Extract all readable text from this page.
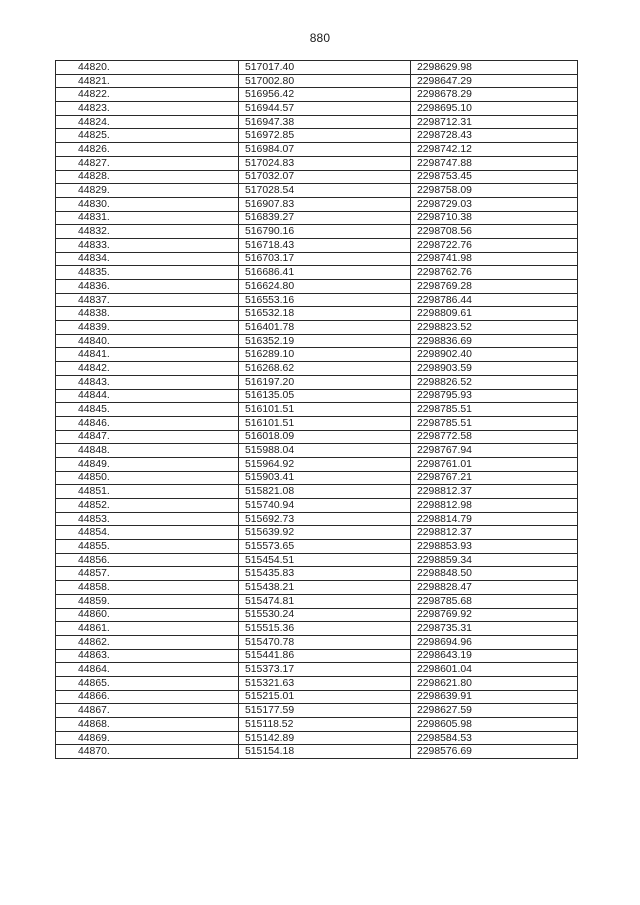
880
44820.	517017.40	2298629.98
44821.	517002.80	2298647.29
44822.	516956.42	2298678.29
44823.	516944.57	2298695.10
44824.	516947.38	2298712.31
44825.	516972.85	2298728.43
44826.	516984.07	2298742.12
44827.	517024.83	2298747.88
44828.	517032.07	2298753.45
44829.	517028.54	2298758.09
44830.	516907.83	2298729.03
44831.	516839.27	2298710.38
44832.	516790.16	2298708.56
44833.	516718.43	2298722.76
44834.	516703.17	2298741.98
44835.	516686.41	2298762.76
44836.	516624.80	2298769.28
44837.	516553.16	2298786.44
44838.	516532.18	2298809.61
44839.	516401.78	2298823.52
44840.	516352.19	2298836.69
44841.	516289.10	2298902.40
44842.	516268.62	2298903.59
44843.	516197.20	2298826.52
44844.	516135.05	2298795.93
44845.	516101.51	2298785.51
44846.	516101.51	2298785.51
44847.	516018.09	2298772.58
44848.	515988.04	2298767.94
44849.	515964.92	2298761.01
44850.	515903.41	2298767.21
44851.	515821.08	2298812.37
44852.	515740.94	2298812.98
44853.	515692.73	2298814.79
44854.	515639.92	2298812.37
44855.	515573.65	2298853.93
44856.	515454.51	2298859.34
44857.	515435.83	2298848.50
44858.	515438.21	2298828.47
44859.	515474.81	2298785.68
44860.	515530.24	2298769.92
44861.	515515.36	2298735.31
44862.	515470.78	2298694.96
44863.	515441.86	2298643.19
44864.	515373.17	2298601.04
44865.	515321.63	2298621.80
44866.	515215.01	2298639.91
44867.	515177.59	2298627.59
44868.	515118.52	2298605.98
44869.	515142.89	2298584.53
44870.	515154.18	2298576.69
